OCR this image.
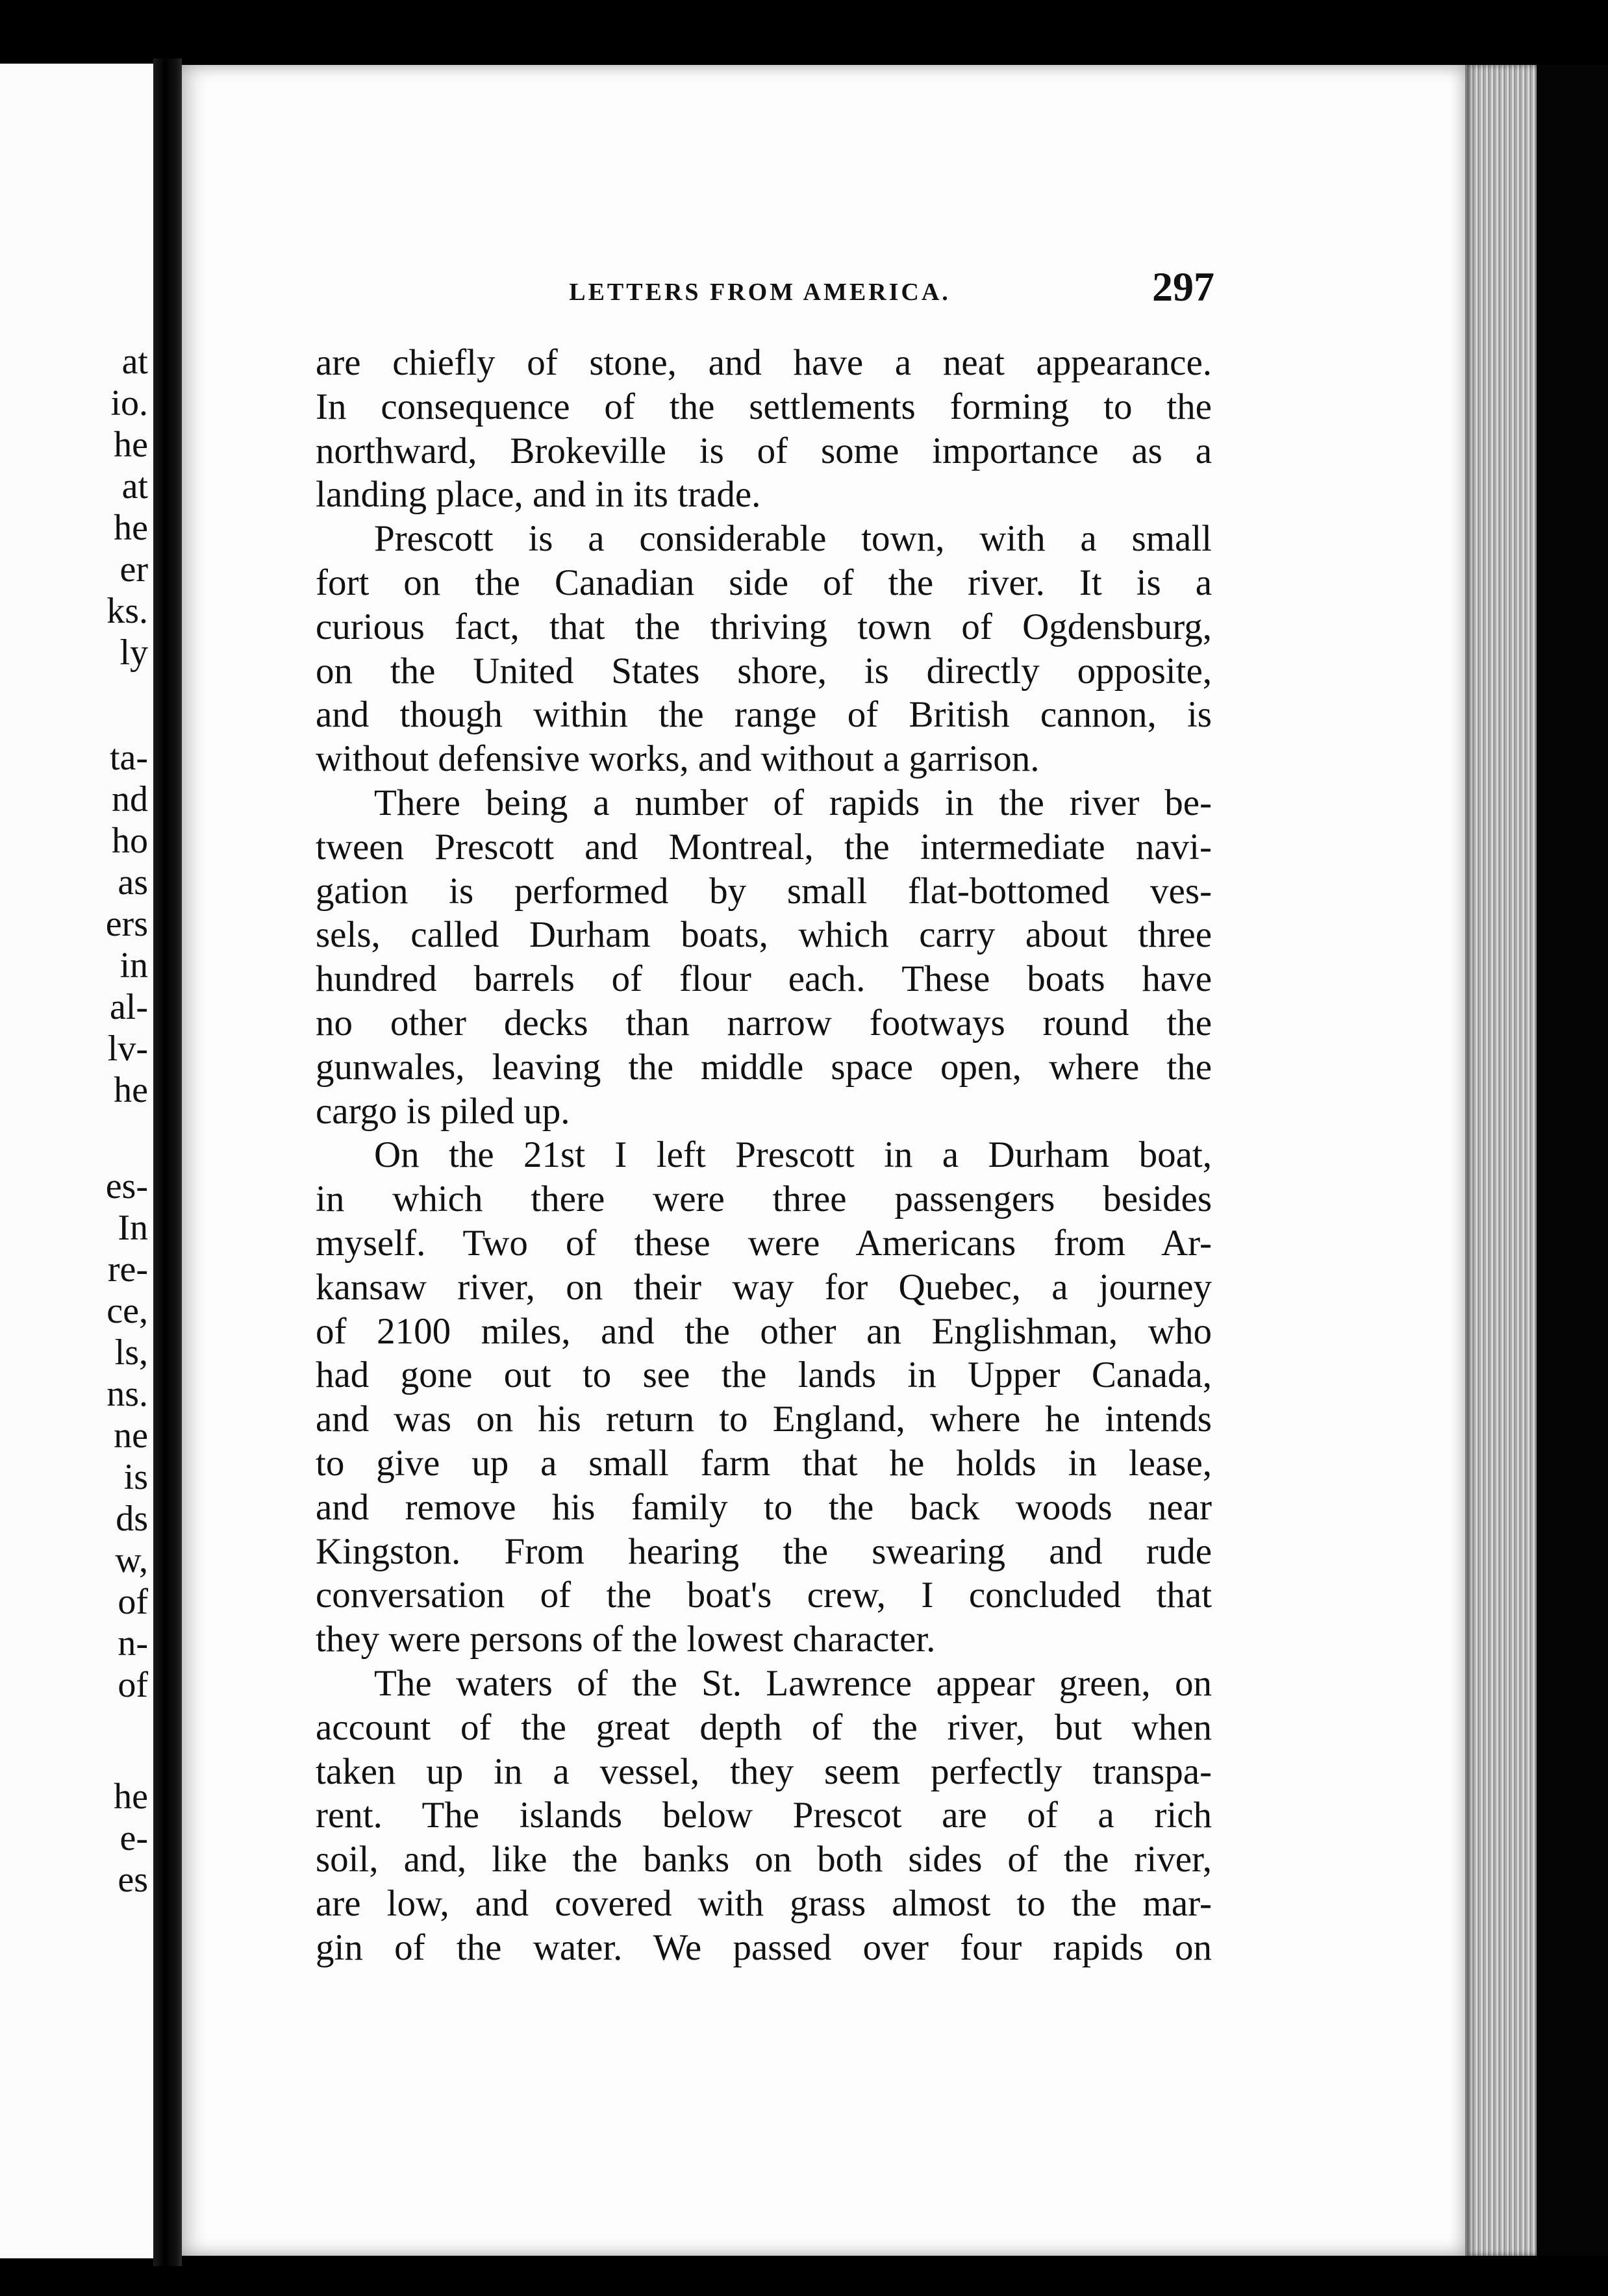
at
io.
he
at
he
er
ks.
ly
ta-
nd
ho
as
ers
in
al-
lv-
he
es-
In
re-
ce,
ls,
ns.
ne
is
ds
w,
of
n-
of
he
e-
es
LETTERS FROM AMERICA.	297
are chiefly of stone, and have a neat appearance.
In consequence of the settlements forming to the
northward, Brokeville is of some importance as a
landing place, and in its trade.
Prescott is a considerable town, with a small
fort on the Canadian side of the river. It is a
curious fact, that the thriving town of Ogdensburg,
on the United States shore, is directly opposite,
and though within the range of British cannon, is
without defensive works, and without a garrison.
There being a number of rapids in the river be-
tween Prescott and Montreal, the intermediate navi-
gation is performed by small flat-bottomed ves-
sels, called Durham boats, which carry about three
hundred barrels of flour each. These boats have
no other decks than narrow footways round the
gunwales, leaving the middle space open, where the
cargo is piled up.
On the 21st I left Prescott in a Durham boat,
in which there were three passengers besides
myself. Two of these were Americans from Ar-
kansaw river, on their way for Quebec, a journey
of 2100 miles, and the other an Englishman, who
had gone out to see the lands in Upper Canada,
and was on his return to England, where he intends
to give up a small farm that he holds in lease,
and remove his family to the back woods near
Kingston. From hearing the swearing and rude
conversation of the boat's crew, I concluded that
they were persons of the lowest character.
The waters of the St. Lawrence appear green, on
account of the great depth of the river, but when
taken up in a vessel, they seem perfectly transpa-
rent. The islands below Prescot are of a rich
soil, and, like the banks on both sides of the river,
are low, and covered with grass almost to the mar-
gin of the water. We passed over four rapids on
